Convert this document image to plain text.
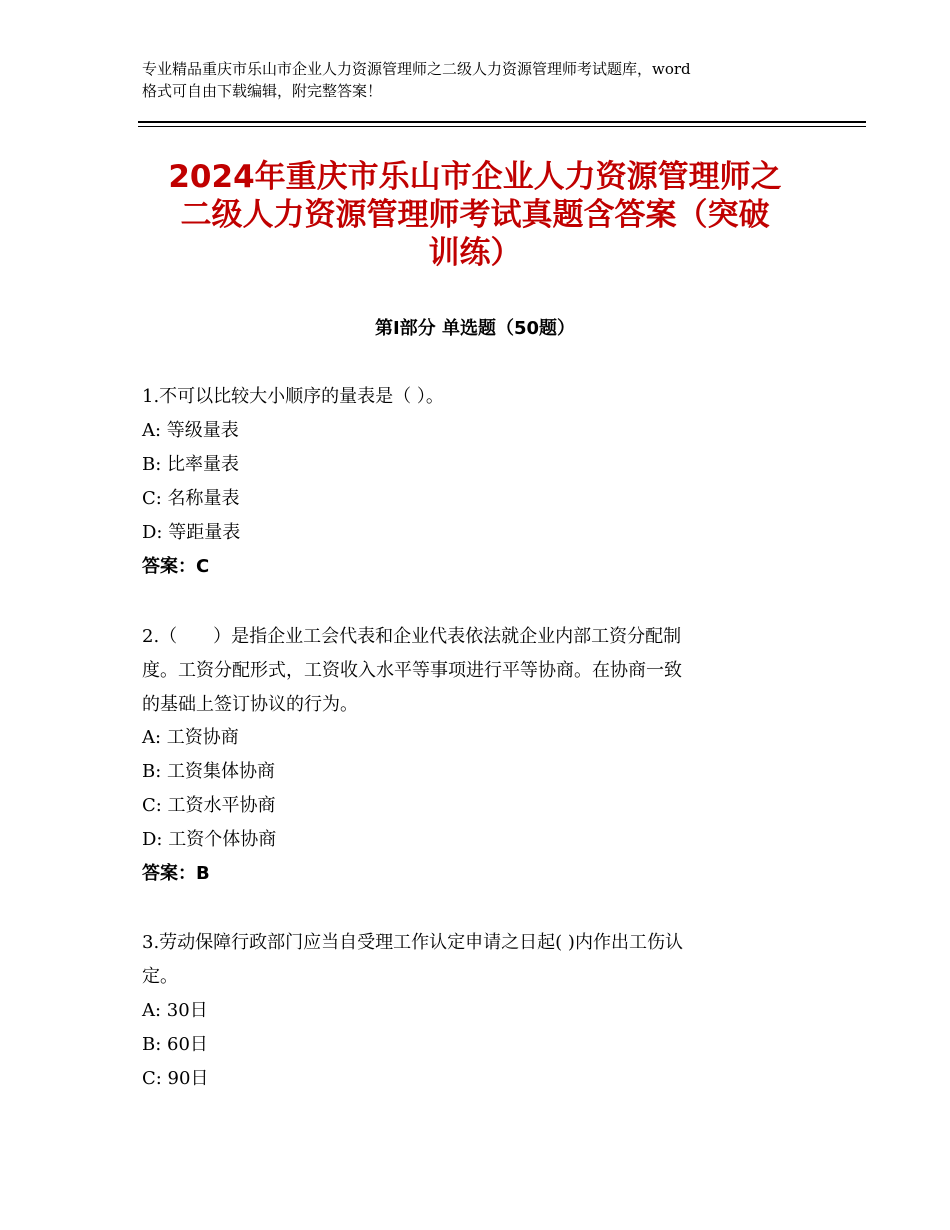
专业精品重庆市乐山市企业人力资源管理师之二级人力资源管理师考试题库，word
格式可自由下载编辑，附完整答案！
2024年重庆市乐山市企业人力资源管理师之
二级人力资源管理师考试真题含答案（突破
训练）
第Ⅰ部分 单选题（50题）
1.不可以比较大小顺序的量表是（ ）。
A: 等级量表
B: 比率量表
C: 名称量表
D: 等距量表
答案：C
2.（　　）是指企业工会代表和企业代表依法就企业内部工资分配制
度。工资分配形式，工资收入水平等事项进行平等协商。在协商一致
的基础上签订协议的行为。
A: 工资协商
B: 工资集体协商
C: 工资水平协商
D: 工资个体协商
答案：B
3.劳动保障行政部门应当自受理工作认定申请之日起( )内作出工伤认
定。
A: 30日
B: 60日
C: 90日
